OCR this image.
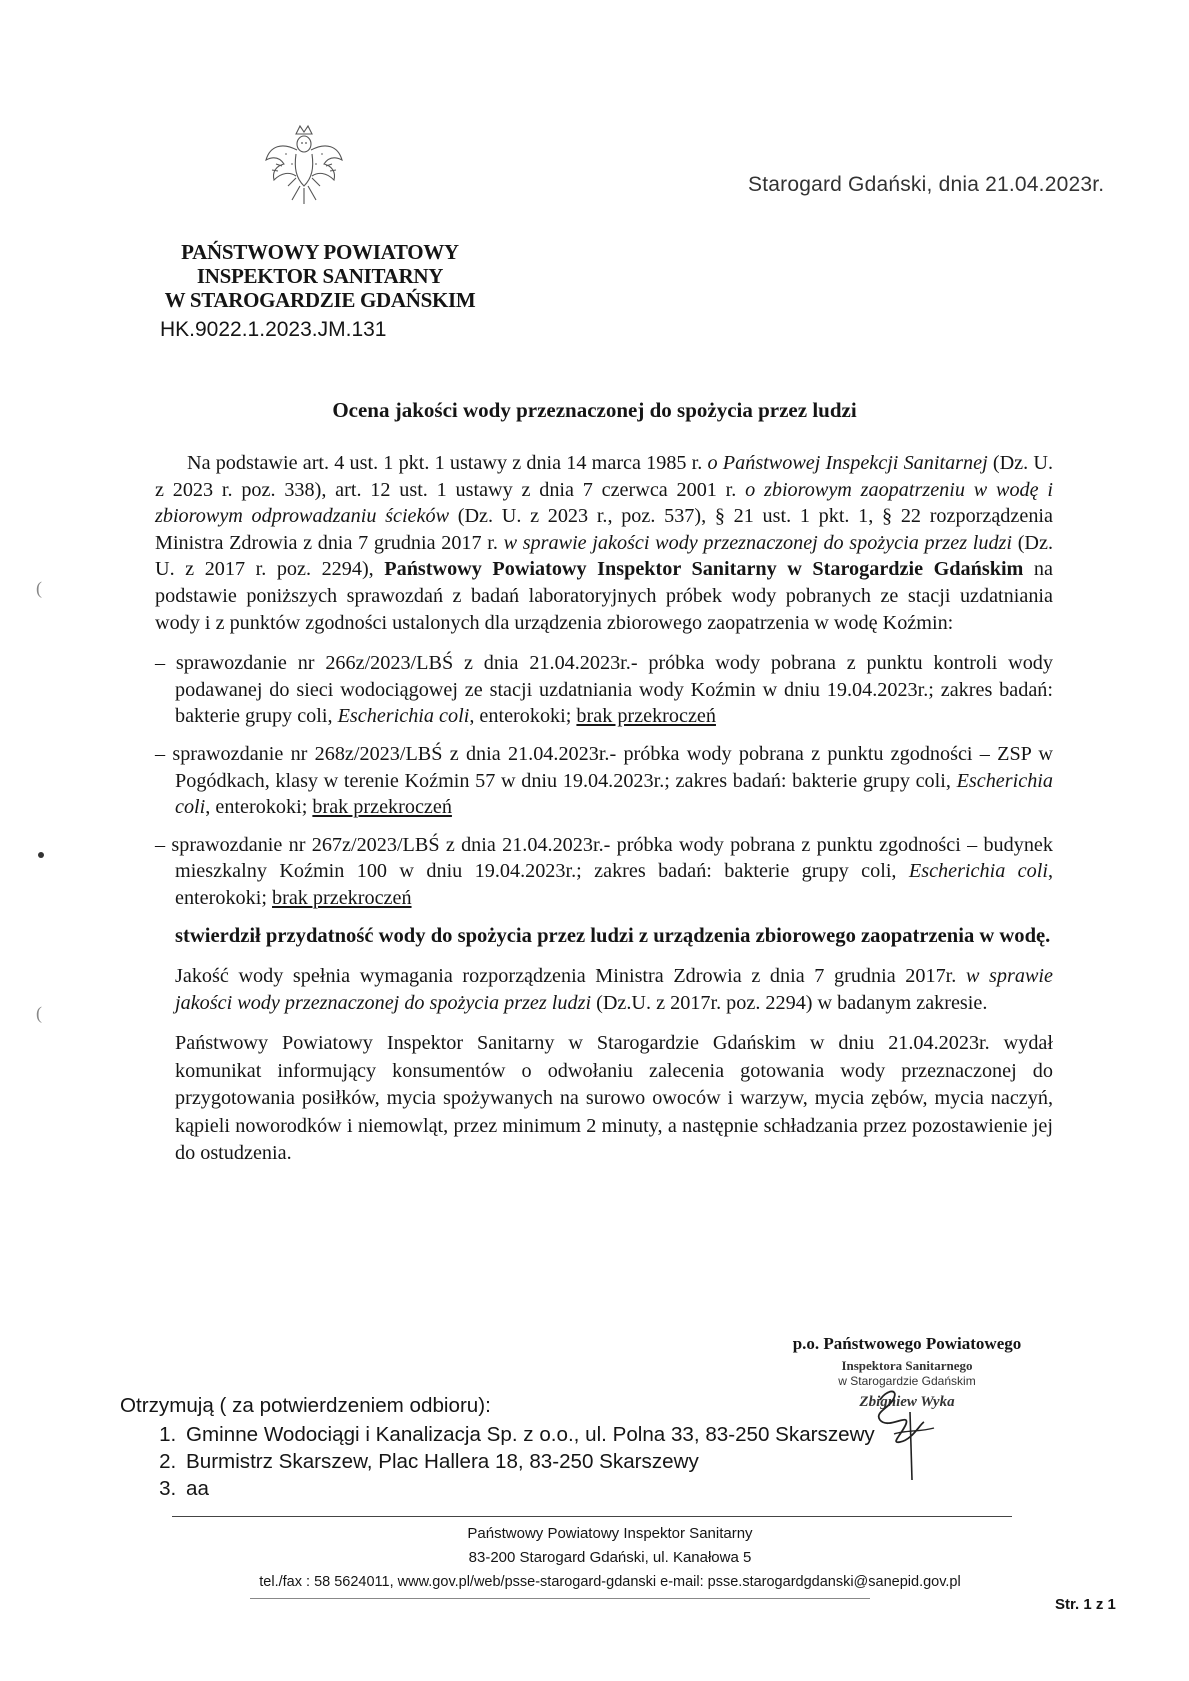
Starogard Gdański, dnia 21.04.2023r.
PAŃSTWOWY POWIATOWY
INSPEKTOR SANITARNY
W STAROGARDZIE GDAŃSKIM
HK.9022.1.2023.JM.131
Ocena jakości wody przeznaczonej do spożycia przez ludzi

Na podstawie art. 4 ust. 1 pkt. 1 ustawy z dnia 14 marca 1985 r. o Państwowej Inspekcji Sanitarnej (Dz. U. z 2023 r. poz. 338), art. 12 ust. 1 ustawy z dnia 7 czerwca 2001 r. o zbiorowym zaopatrzeniu w wodę i zbiorowym odprowadzaniu ścieków (Dz. U. z 2023 r., poz. 537), § 21 ust. 1 pkt. 1, § 22 rozporządzenia Ministra Zdrowia z dnia 7 grudnia 2017 r. w sprawie jakości wody przeznaczonej do spożycia przez ludzi (Dz. U. z 2017 r. poz. 2294), Państwowy Powiatowy Inspektor Sanitarny w Starogardzie Gdańskim na podstawie poniższych sprawozdań z badań laboratoryjnych próbek wody pobranych ze stacji uzdatniania wody i z punktów zgodności ustalonych dla urządzenia zbiorowego zaopatrzenia w wodę Koźmin:

– sprawozdanie nr 266z/2023/LBŚ z dnia 21.04.2023r.- próbka wody pobrana z punktu kontroli wody podawanej do sieci wodociągowej ze stacji uzdatniania wody Koźmin w dniu 19.04.2023r.; zakres badań: bakterie grupy coli, Escherichia coli, enterokoki; brak przekroczeń

– sprawozdanie nr 268z/2023/LBŚ z dnia 21.04.2023r.- próbka wody pobrana z punktu zgodności – ZSP w Pogódkach, klasy w terenie Koźmin 57 w dniu 19.04.2023r.; zakres badań: bakterie grupy coli, Escherichia coli, enterokoki; brak przekroczeń

– sprawozdanie nr 267z/2023/LBŚ z dnia 21.04.2023r.- próbka wody pobrana z punktu zgodności – budynek mieszkalny Koźmin 100 w dniu 19.04.2023r.; zakres badań: bakterie grupy coli, Escherichia coli, enterokoki; brak przekroczeń

stwierdził przydatność wody do spożycia przez ludzi z urządzenia zbiorowego zaopatrzenia w wodę.

Jakość wody spełnia wymagania rozporządzenia Ministra Zdrowia z dnia 7 grudnia 2017r. w sprawie jakości wody przeznaczonej do spożycia przez ludzi (Dz.U. z 2017r. poz. 2294) w badanym zakresie.

Państwowy Powiatowy Inspektor Sanitarny w Starogardzie Gdańskim w dniu 21.04.2023r. wydał komunikat informujący konsumentów o odwołaniu zalecenia gotowania wody przeznaczonej do przygotowania posiłków, mycia spożywanych na surowo owoców i warzyw, mycia zębów, mycia naczyń, kąpieli noworodków i niemowląt, przez minimum 2 minuty, a następnie schładzania przez pozostawienie jej do ostudzenia.

(
(
p.o. Państwowego Powiatowego
Inspektora Sanitarnego
w Starogardzie Gdańskim
Zbigniew Wyka
Otrzymują ( za potwierdzeniem odbioru):
1. Gminne Wodociągi i Kanalizacja Sp. z o.o., ul. Polna 33, 83-250 Skarszewy
2. Burmistrz Skarszew, Plac Hallera 18, 83-250 Skarszewy
3. aa
Państwowy Powiatowy Inspektor Sanitarny
83-200 Starogard Gdański, ul. Kanałowa 5
tel./fax : 58 5624011, www.gov.pl/web/psse-starogard-gdanski e-mail: psse.starogardgdanski@sanepid.gov.pl
Str. 1 z 1
